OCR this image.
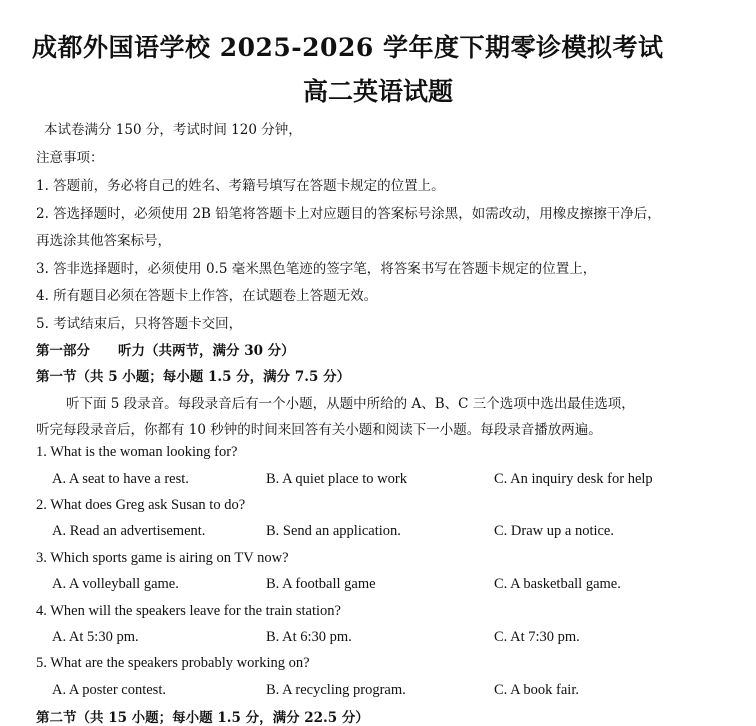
成都外国语学校 2025-2026 学年度下期零诊模拟考试
高二英语试题
本试卷满分 150 分，考试时间 120 分钟，
注意事项：
1. 答题前，务必将自己的姓名、考籍号填写在答题卡规定的位置上。
2. 答选择题时，必须使用 2B 铅笔将答题卡上对应题目的答案标号涂黑，如需改动，用橡皮擦擦干净后，
再选涂其他答案标号，
3. 答非选择题时，必须使用 0.5 毫米黑色笔迹的签字笔，将答案书写在答题卡规定的位置上，
4. 所有题目必须在答题卡上作答，在试题卷上答题无效。
5. 考试结束后，只将答题卡交回，
第一部分 听力（共两节，满分 30 分）
第一节（共 5 小题；每小题 1.5 分，满分 7.5 分）
听下面 5 段录音。每段录音后有一个小题，从题中所给的 A、B、C 三个选项中选出最佳选项，
听完每段录音后，你都有 10 秒钟的时间来回答有关小题和阅读下一小题。每段录音播放两遍。
1. What is the woman looking for?
A. A seat to have a rest.	B. A quiet place to work	C. An inquiry desk for help
2. What does Greg ask Susan to do?
A. Read an advertisement.	B. Send an application.	C. Draw up a notice.
3. Which sports game is airing on TV now?
A. A volleyball game.	B. A football game	C. A basketball game.
4. When will the speakers leave for the train station?
A. At 5:30 pm.	B. At 6:30 pm.	C. At 7:30 pm.
5. What are the speakers probably working on?
A. A poster contest.	B. A recycling program.	C. A book fair.
第二节（共 15 小题；每小题 1.5 分，满分 22.5 分）
